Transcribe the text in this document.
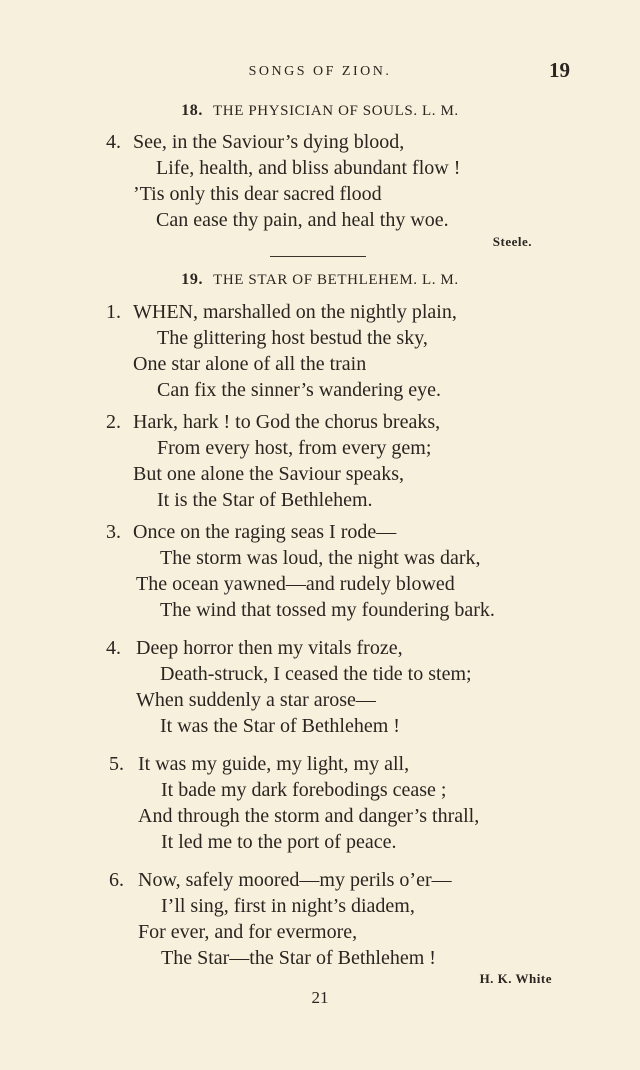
SONGS OF ZION.	19
18. THE PHYSICIAN OF SOULS. L. M.
4. See, in the Saviour’s dying blood,
Life, health, and bliss abundant flow !
’Tis only this dear sacred flood
Can ease thy pain, and heal thy woe.
Steele.
19. THE STAR OF BETHLEHEM. L. M.
1. WHEN, marshalled on the nightly plain,
The glittering host bestud the sky,
One star alone of all the train
Can fix the sinner’s wandering eye.
2. Hark, hark ! to God the chorus breaks,
From every host, from every gem;
But one alone the Saviour speaks,
It is the Star of Bethlehem.
3. Once on the raging seas I rode—
The storm was loud, the night was dark,
The ocean yawned—and rudely blowed
The wind that tossed my foundering bark.
4. Deep horror then my vitals froze,
Death-struck, I ceased the tide to stem;
When suddenly a star arose—
It was the Star of Bethlehem !
5. It was my guide, my light, my all,
It bade my dark forebodings cease ;
And through the storm and danger’s thrall,
It led me to the port of peace.
6. Now, safely moored—my perils o’er—
I’ll sing, first in night’s diadem,
For ever, and for evermore,
The Star—the Star of Bethlehem !
H. K. White
21
